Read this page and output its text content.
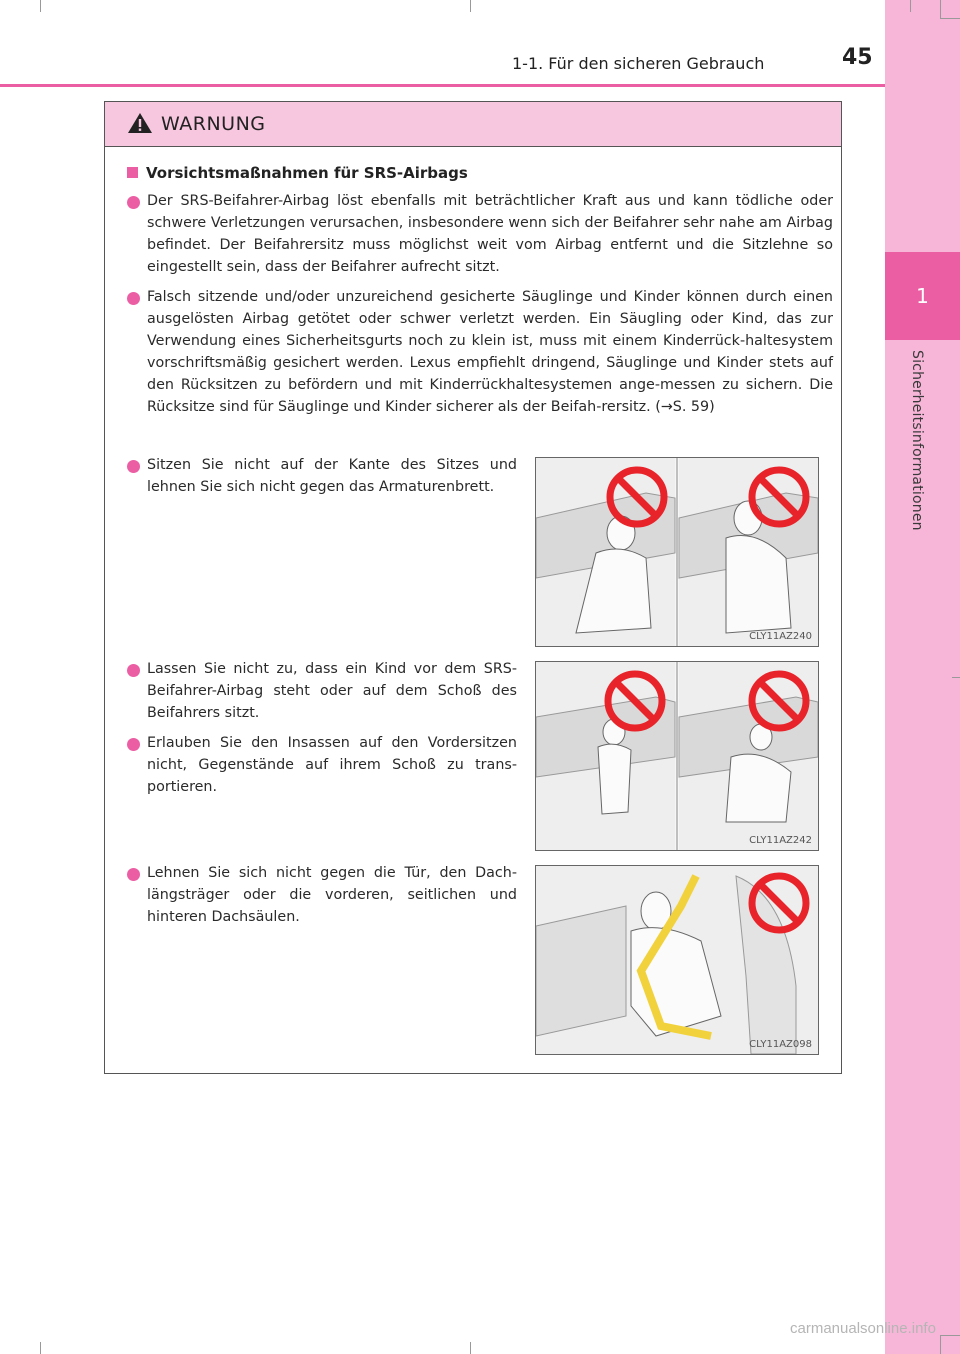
1
Sicherheitsinformationen
1-1. Für den sicheren Gebrauch	45
WARNUNG
Vorsichtsmaßnahmen für SRS-Airbags
Der SRS-Beifahrer-Airbag löst ebenfalls mit beträchtlicher Kraft aus und kann tödliche oder schwere Verletzungen verursachen, insbesondere wenn sich der Beifahrer sehr nahe am Airbag befindet. Der Beifahrersitz muss möglichst weit vom Airbag entfernt und die Sitzlehne so eingestellt sein, dass der Beifahrer aufrecht sitzt.
Falsch sitzende und/oder unzureichend gesicherte Säuglinge und Kinder können durch einen ausgelösten Airbag getötet oder schwer verletzt werden. Ein Säugling oder Kind, das zur Verwendung eines Sicherheitsgurts noch zu klein ist, muss mit einem Kinderrück-haltesystem vorschriftsmäßig gesichert werden. Lexus empfiehlt dringend, Säuglinge und Kinder stets auf den Rücksitzen zu befördern und mit Kinderrückhaltesystemen ange-messen zu sichern. Die Rücksitze sind für Säuglinge und Kinder sicherer als der Beifah-rersitz. (→S. 59)
Sitzen Sie nicht auf der Kante des Sitzes und lehnen Sie sich nicht gegen das Armaturenbrett.
Lassen Sie nicht zu, dass ein Kind vor dem SRS-Beifahrer-Airbag steht oder auf dem Schoß des Beifahrers sitzt.
Erlauben Sie den Insassen auf den Vordersitzen nicht, Gegenstände auf ihrem Schoß zu trans-portieren.
Lehnen Sie sich nicht gegen die Tür, den Dach-längsträger oder die vorderen, seitlichen und hinteren Dachsäulen.
CLY11AZ240
CLY11AZ242
CLY11AZ098
carmanualsonline.info
